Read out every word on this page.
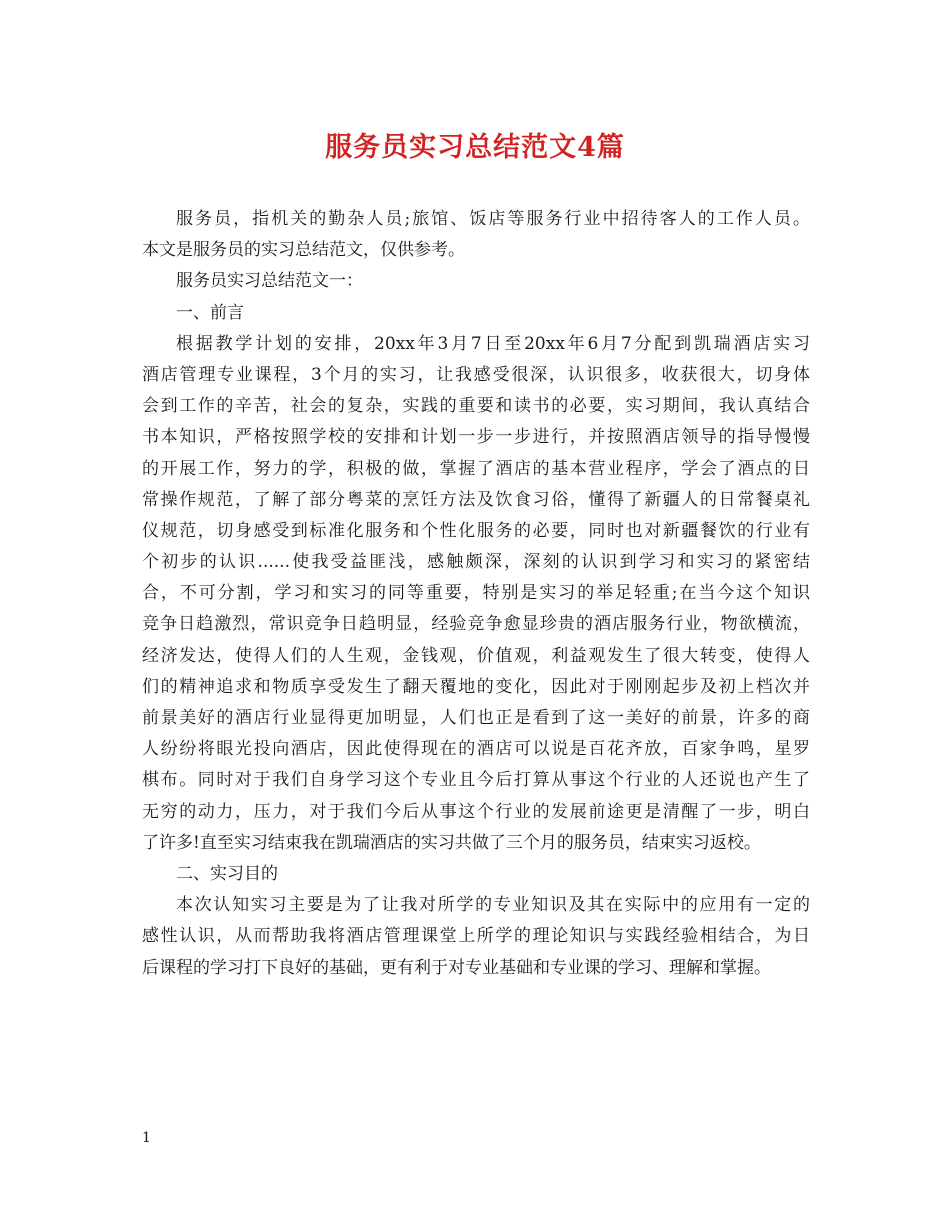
服务员实习总结范文4篇
服务员，指机关的勤杂人员;旅馆、饭店等服务行业中招待客人的工作人员。
本文是服务员的实习总结范文，仅供参考。
服务员实习总结范文一：
一、前言
根据教学计划的安排，20xx年3月7日至20xx年6月7分配到凯瑞酒店实习
酒店管理专业课程，3个月的实习，让我感受很深，认识很多，收获很大，切身体
会到工作的辛苦，社会的复杂，实践的重要和读书的必要，实习期间，我认真结合
书本知识，严格按照学校的安排和计划一步一步进行，并按照酒店领导的指导慢慢
的开展工作，努力的学，积极的做，掌握了酒店的基本营业程序，学会了酒点的日
常操作规范，了解了部分粤菜的烹饪方法及饮食习俗，懂得了新疆人的日常餐桌礼
仪规范，切身感受到标准化服务和个性化服务的必要，同时也对新疆餐饮的行业有
个初步的认识......使我受益匪浅，感触颇深，深刻的认识到学习和实习的紧密结
合，不可分割，学习和实习的同等重要，特别是实习的举足轻重;在当今这个知识
竞争日趋激烈，常识竞争日趋明显，经验竞争愈显珍贵的酒店服务行业，物欲横流，
经济发达，使得人们的人生观，金钱观，价值观，利益观发生了很大转变，使得人
们的精神追求和物质享受发生了翻天覆地的变化，因此对于刚刚起步及初上档次并
前景美好的酒店行业显得更加明显，人们也正是看到了这一美好的前景，许多的商
人纷纷将眼光投向酒店，因此使得现在的酒店可以说是百花齐放，百家争鸣，星罗
棋布。同时对于我们自身学习这个专业且今后打算从事这个行业的人还说也产生了
无穷的动力，压力，对于我们今后从事这个行业的发展前途更是清醒了一步，明白
了许多!直至实习结束我在凯瑞酒店的实习共做了三个月的服务员，结束实习返校。
二、实习目的
本次认知实习主要是为了让我对所学的专业知识及其在实际中的应用有一定的
感性认识，从而帮助我将酒店管理课堂上所学的理论知识与实践经验相结合，为日
后课程的学习打下良好的基础，更有利于对专业基础和专业课的学习、理解和掌握。
1
